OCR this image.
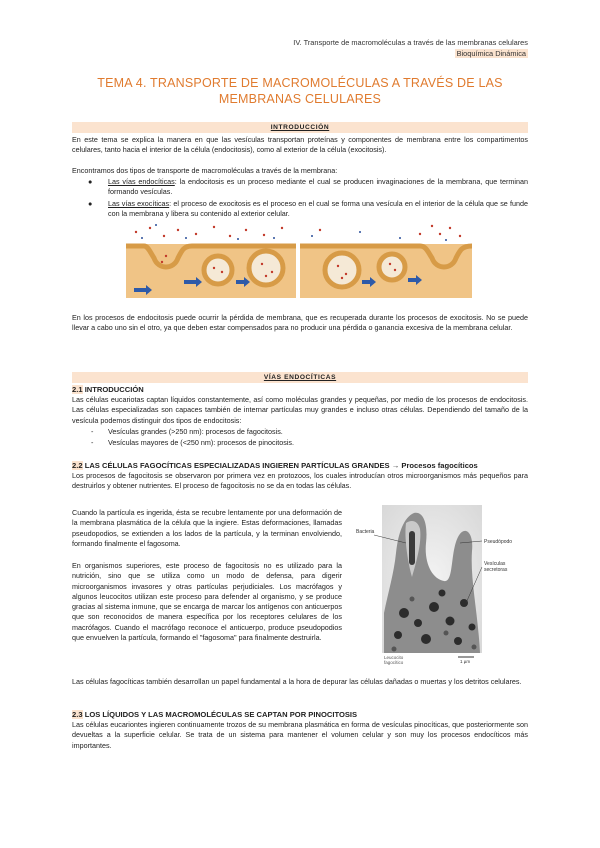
IV. Transporte de macromoléculas a través de las membranas celulares
Bioquímica Dinámica
TEMA 4. TRANSPORTE DE MACROMOLÉCULAS A TRAVÉS DE LAS
MEMBRANAS CELULARES
INTRODUCCIÓN

En este tema se explica la manera en que las vesículas transportan proteínas y componentes de membrana entre los compartimentos celulares, tanto hacia el interior de la célula (endocitosis), como al exterior de la célula (exocitosis).

Encontramos dos tipos de transporte de macromoléculas a través de la membrana:

● Las vías endocíticas: la endocitosis es un proceso mediante el cual se producen invaginaciones de la membrana, que terminan formando vesículas.
● Las vías exocíticas: el proceso de exocitosis es el proceso en el cual se forma una vesícula en el interior de la célula que se funde con la membrana y libera su contenido al exterior celular.

En los procesos de endocitosis puede ocurrir la pérdida de membrana, que es recuperada durante los procesos de exocitosis. No se puede llevar a cabo uno sin el otro, ya que deben estar compensados para no producir una pérdida o ganancia excesiva de la membrana celular.

VÍAS ENDOCÍTICAS
2.1 INTRODUCCIÓN

Las células eucariotas captan líquidos constantemente, así como moléculas grandes y pequeñas, por medio de los procesos de endocitosis. Las células especializadas son capaces también de internar partículas muy grandes e incluso otras células. Dependiendo del tamaño de la vesícula podemos distinguir dos tipos de endocitosis:

- Vesículas grandes (>250 nm): procesos de fagocitosis.
- Vesículas mayores de (<250 nm): procesos de pinocitosis.
2.2 LAS CÉLULAS FAGOCÍTICAS ESPECIALIZADAS INGIEREN PARTÍCULAS GRANDES → Procesos fagocíticos

Los procesos de fagocitosis se observaron por primera vez en protozoos, los cuales introducían otros microorganismos más pequeños para destruirlos y obtener nutrientes. El proceso de fagocitosis no se da en todas las células.

Cuando la partícula es ingerida, ésta se recubre lentamente por una deformación de la membrana plasmática de la célula que la ingiere. Estas deformaciones, llamadas pseudopodios, se extienden a los lados de la partícula, y la terminan envolviendo, formando finalmente el fagosoma.

En organismos superiores, este proceso de fagocitosis no es utilizado para la nutrición, sino que se utiliza como un modo de defensa, para digerir microorganismos invasores y otras partículas perjudiciales. Los macrófagos y algunos leucocitos utilizan este proceso para defender al organismo, y se produce gracias al sistema inmune, que se encarga de marcar los antígenos con anticuerpos que son reconocidos de manera específica por los receptores celulares de los macrófagos. Cuando el macrófago reconoce el anticuerpo, produce pseudopodios que envuelven la partícula, formando el "fagosoma" para finalmente destruirla.

Bacteria
Pseudópodo
Vesículas secretoras
Leucocito
fagocítico	1 µm

Las células fagocíticas también desarrollan un papel fundamental a la hora de depurar las células dañadas o muertas y los detritos celulares.

2.3 LOS LÍQUIDOS Y LAS MACROMOLÉCULAS SE CAPTAN POR PINOCITOSIS

Las células eucariontes ingieren continuamente trozos de su membrana plasmática en forma de vesículas pinocíticas, que posteriormente son devueltas a la superficie celular. Se trata de un sistema para mantener el volumen celular y son muy los procesos endocíticos más importantes.
